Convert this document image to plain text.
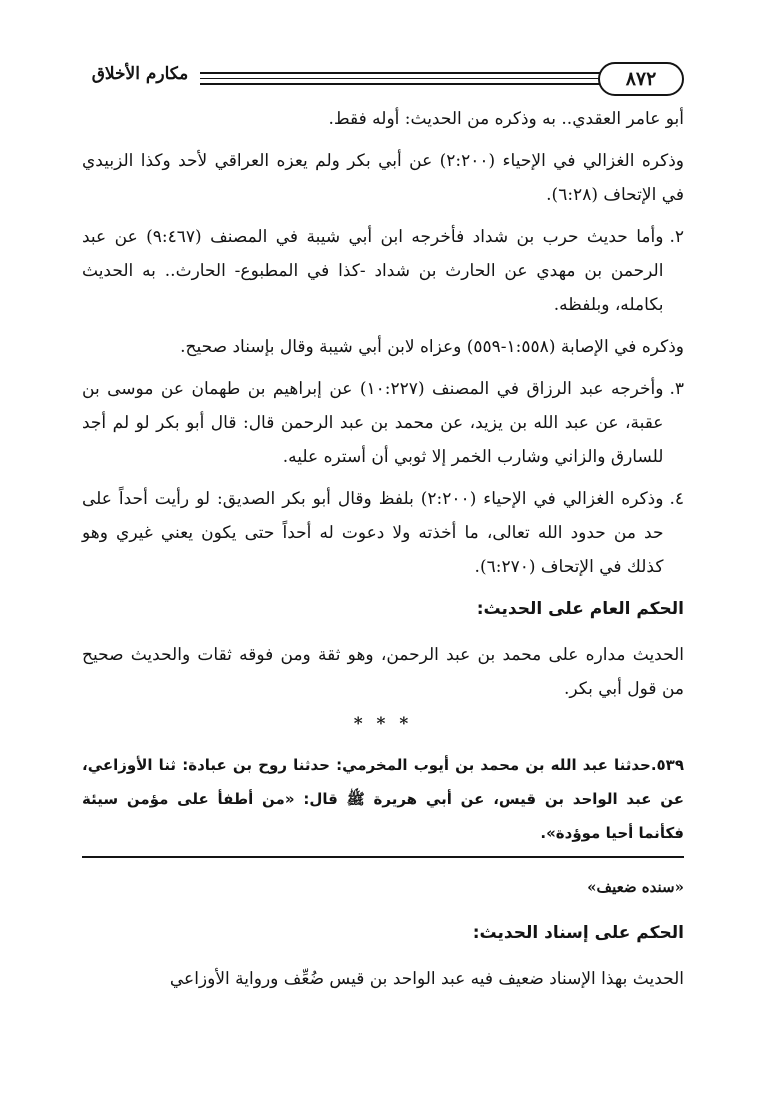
٨٧٢
مكارم الأخلاق

أبو عامر العقدي.. به وذكره من الحديث: أوله فقط.

وذكره الغزالي في الإحياء (٢:٢٠٠) عن أبي بكر ولم يعزه العراقي لأحد وكذا الزبيدي في الإتحاف (٦:٢٨).

٢.
وأما حديث حرب بن شداد فأخرجه ابن أبي شيبة في المصنف (٩:٤٦٧) عن عبد الرحمن بن مهدي عن الحارث بن شداد -كذا في المطبوع- الحارث.. به الحديث بكامله، وبلفظه.

وذكره في الإصابة (١:٥٥٨-٥٥٩) وعزاه لابن أبي شيبة وقال بإسناد صحيح.

٣.
وأخرجه عبد الرزاق في المصنف (١٠:٢٢٧) عن إبراهيم بن طهمان عن موسى بن عقبة، عن عبد الله بن يزيد، عن محمد بن عبد الرحمن قال: قال أبو بكر لو لم أجد للسارق والزاني وشارب الخمر إلا ثوبي أن أستره عليه.
٤.
وذكره الغزالي في الإحياء (٢:٢٠٠) بلفظ وقال أبو بكر الصديق: لو رأيت أحداً على حد من حدود الله تعالى، ما أخذته ولا دعوت له أحداً حتى يكون يعني غيري وهو كذلك في الإتحاف (٦:٢٧٠).
الحكم العام على الحديث:

الحديث مداره على محمد بن عبد الرحمن، وهو ثقة ومن فوقه ثقات والحديث صحيح من قول أبي بكر.

* * *

٥٣٩.حدثنا عبد الله بن محمد بن أيوب المخرمي: حدثنا روح بن عبادة: ثنا الأوزاعي، عن عبد الواحد بن قيس، عن أبي هريرة ﷺ قال: «من أطفأ على مؤمن سيئة فكأنما أحيا موؤدة».

«سنده ضعيف»
الحكم على إسناد الحديث:

الحديث بهذا الإسناد ضعيف فيه عبد الواحد بن قيس ضُعِّف ورواية الأوزاعي
